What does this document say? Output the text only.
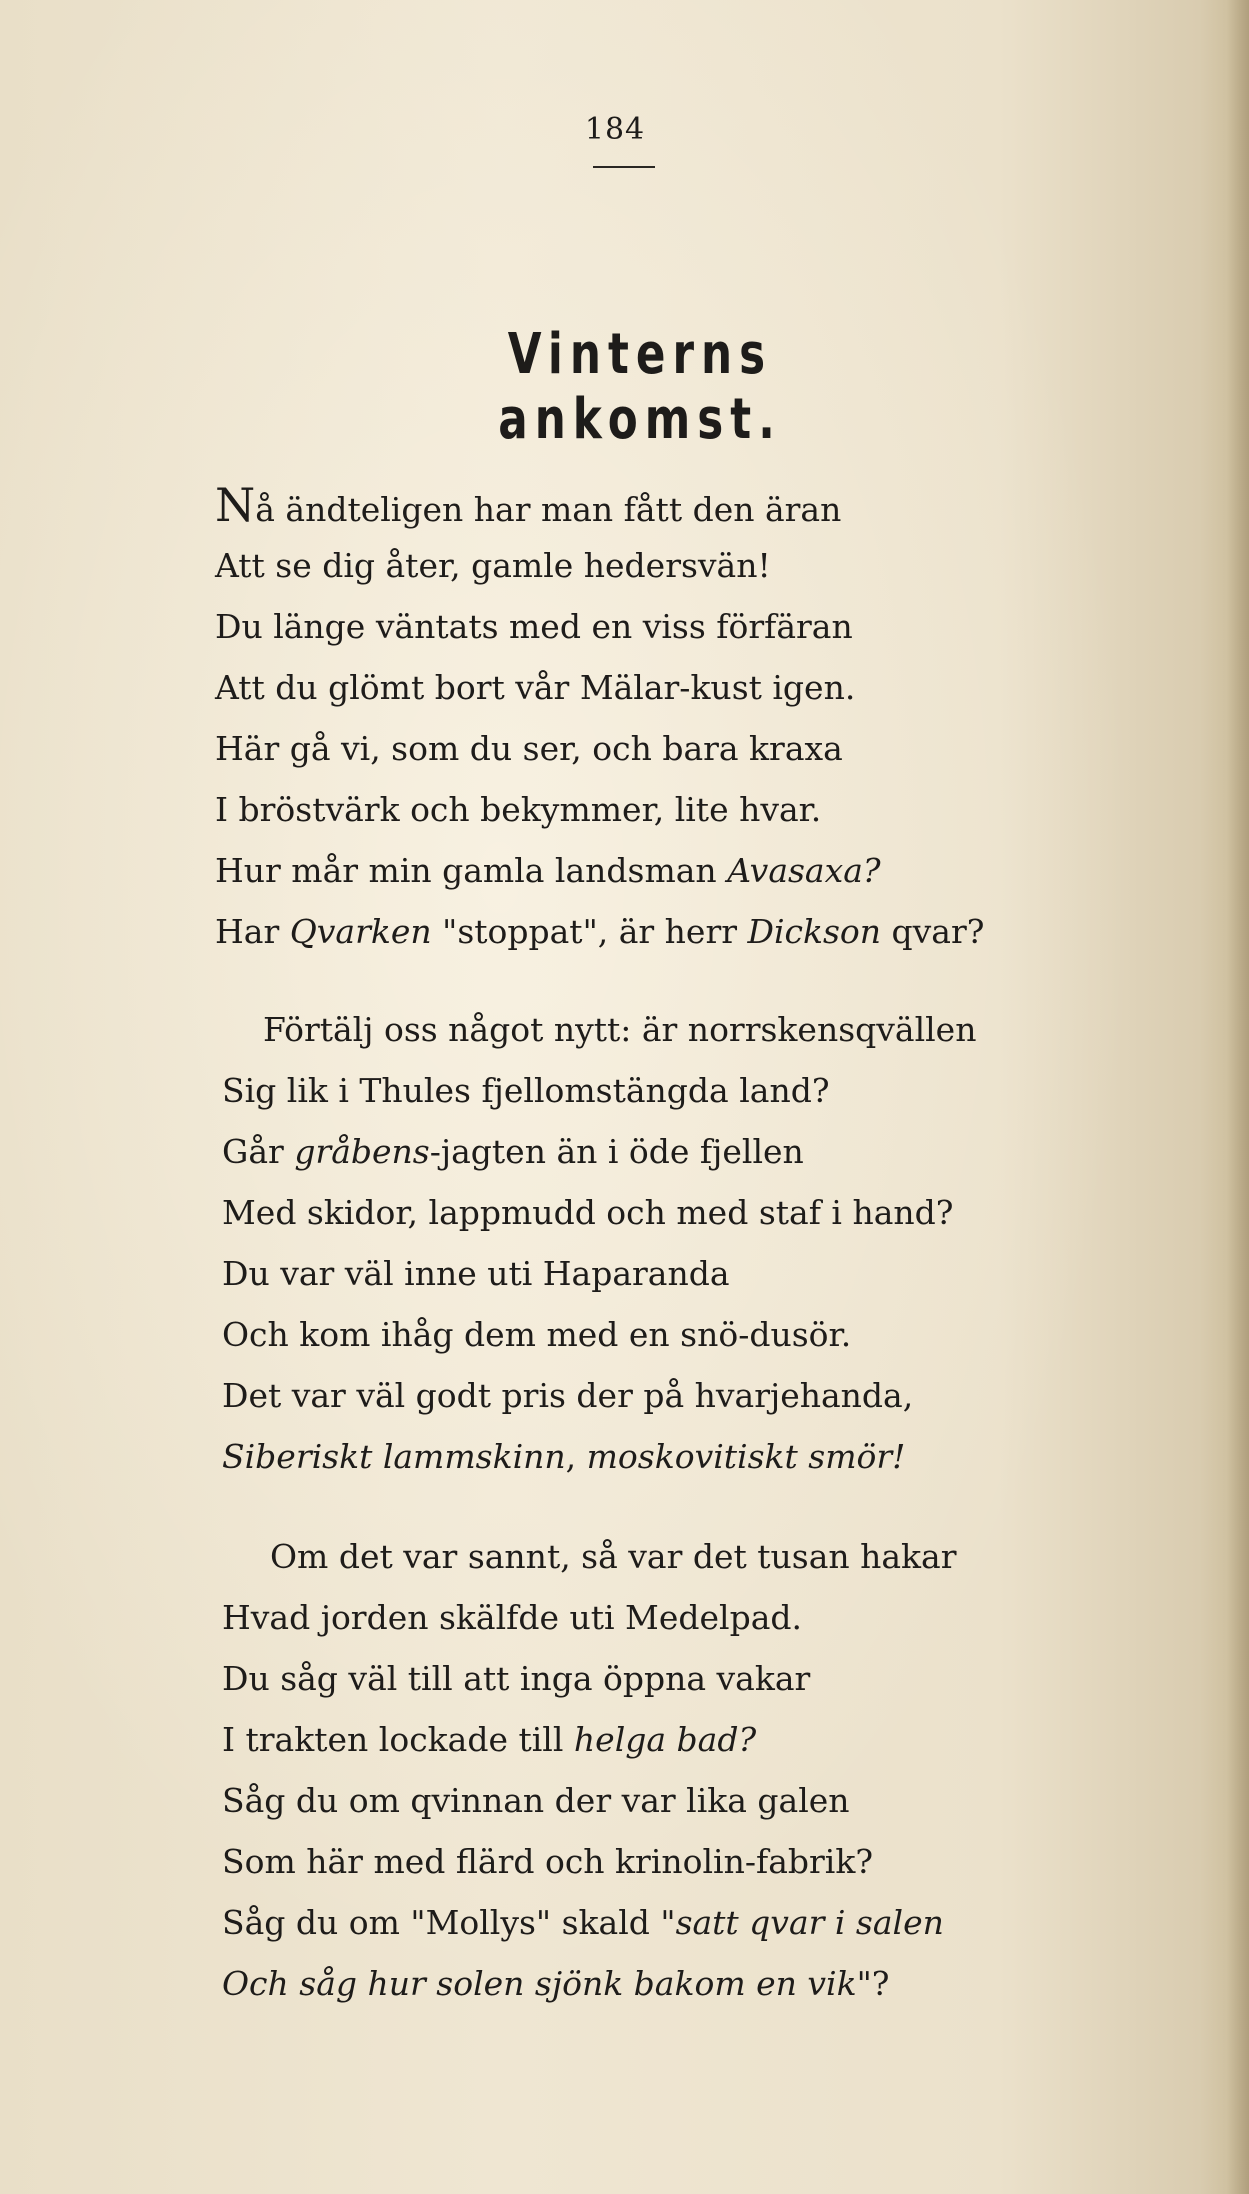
184
Vinterns ankomst.
Nå ändteligen har man fått den äran
Att se dig åter, gamle hedersvän!
Du länge väntats med en viss förfäran
Att du glömt bort vår Mälar-kust igen.
Här gå vi, som du ser, och bara kraxa
I bröstvärk och bekymmer, lite hvar.
Hur mår min gamla landsman Avasaxa?
Har Qvarken "stoppat", är herr Dickson qvar?
Förtälj oss något nytt: är norrskensqvällen
Sig lik i Thules fjellomstängda land?
Går gråbens-jagten än i öde fjellen
Med skidor, lappmudd och med staf i hand?
Du var väl inne uti Haparanda
Och kom ihåg dem med en snö-dusör.
Det var väl godt pris der på hvarjehanda,
Siberiskt lammskinn, moskovitiskt smör!
Om det var sannt, så var det tusan hakar
Hvad jorden skälfde uti Medelpad.
Du såg väl till att inga öppna vakar
I trakten lockade till helga bad?
Såg du om qvinnan der var lika galen
Som här med flärd och krinolin-fabrik?
Såg du om "Mollys" skald "satt qvar i salen
Och såg hur solen sjönk bakom en vik"?
